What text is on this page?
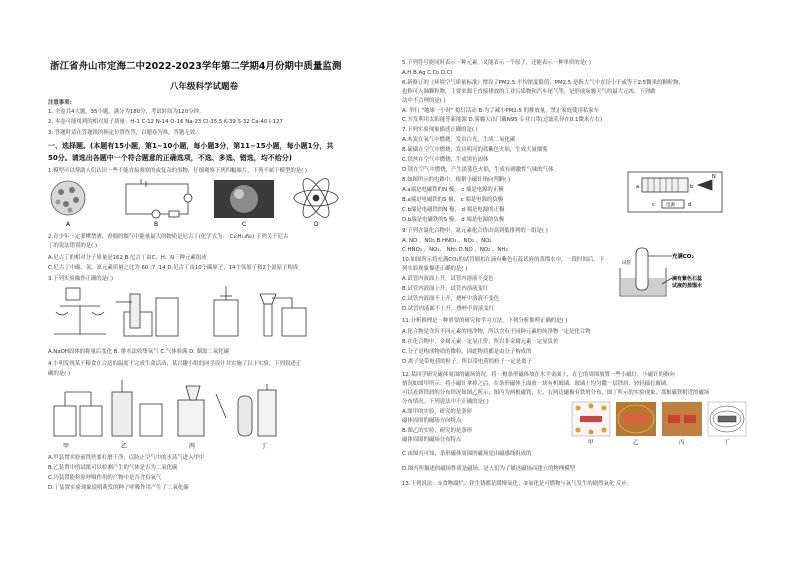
浙江省舟山市定海二中2022-2023学年第二学期4月份期中质量监测
八年级科学试题卷
注意事项:
1. 全卷共4大题，35小题，满分为180分，考试时间为120分钟。
2. 本卷可能用到的相对原子质量：H-1 C-12 N-14 O-16 Na-23 Cl-35.5 K-39 S-32 Ca-40 I-127
3. 答题时请在答题纸的指定位置作答，以题卷为准，答题无效。
一、选择题。(本题有15小题，第1~10小题，每小题3分，第11~15小题，每小题1分，共
50分。请选出各题中一个符合题意的正确选项，不选、多选、错选，均不给分)
1.模型可以帮助人们认识一些不能直接观察的或复杂的事物，仔细观察下列四幅图片，下列不属于模型的是( )
A	B	C	D
2.青少年一定要懂禁酒、香烟的烟气中能量最大的物质是尼古丁(化学式为： C₁₀H₁₄N₂) 下列关于尼古
丁的说法错误的是( )
A.尼古丁的相对分子质量是162 B.尼古丁由C、H、N三种元素组成
C.尼古丁中碳、氢、氮元素质量之比为 60 :7 :14 D.尼古丁由10个碳原子、14个氢原子和2个氮原子构成
3.下列实验操作正确的是( )
A.NaOH固体的称量后变化 B. 排水法收集氧气 C.气体验满 D. 制取二氧化碳
4.小明发现某干粮食在合适的温度下完成生命活动，某兴趣小组的同学设计并实施了以下实验，下列叙述正
确的是( )
甲	乙	丙	丁
A.甲装置实验前铁丝要打磨干净，以防止空气中的水蒸气进入甲中
B.乙装置中的试纸可以检测产生的气体是否为二氧化碳
C.丙装置能检验呼吸作用的产物中是否含有氧气
D.丁装置实验现象说明萌发的种子呼吸作用产生了二氧化碳
5.下列符号能同时表示一种元素，又能表示一个原子，还能表示一种单质的是( )
A.H B.Ag C.O₂ D.Cl
6.新修订的《环境空气质量标准》增设了PM2.5 平均浓度限值，PM2.5 是指大气中直径小于或等于2.5微米的颗粒物，
也称可入肺颗粒物，主要来源于直接排放的工业污染物和汽车尾气等，是形成灰霾天气的最大元凶。下列做
法中不合理的是( )
A. 举行 "地球一小时" 熄灯活动 B.为了减小PM2.5 的排放量，禁止家庭使用私家车
C.开发利用太阳能等新能源 D.雾霾天出门戴N95 专业口罩(过滤孔径在0.1微米左右)
7.下列实验现象描述正确的是( )
A.木炭在氧气中燃烧，发出白光，生成二氧化碳
B.硫磺在空气中燃烧，发出明亮的蓝紫色火焰，生成大量烟雾
C.铁丝在空气中燃烧，生成黑色固体
D.镁在空气中燃烧，产生淡蓝色火焰，生成有刺激性气味的气体
8.如图所示的电路中，根据小磁针指向判断( )
A.a端是电磁铁的N 极， c 端是电源的正极
B.a端是电磁铁的S 极， c 端是电源的负极
C.b端是电磁铁的N 极， d 端是电源的正极
D.b端是电磁铁的S 极， d 端是电源的负极
N
a	b
电源
c	d
9.下列含氮化合物中，氮元素化合价由高到低排列的一组是( )
A. NO 、NO₂ B.HNO₃ 、NO₂ 、NO₂
C.HNO₃ 、NO₂、 NH₃ D.NO 、NO₂ 、NH₃
10.如图所示将充满CO₂的试管倒扣在滴有紫色石蕊试液的蒸馏水中，一段时间后，下
列实验现象描述正确的是( )
A.试管内液面上升，试管内溶液不变色
B.试管内液面上升，试管内溶液变红
C.试管内液面不上升，烧杯中溶液不变色
D.试管内液面不上升，烧杯中溶液变红
充满CO₂
滴有紫色石蕊
试液的蒸馏水
试管
11.分析推理是一种重要的研究和学习方法，下列分析推理正确的是( )
A.化合物是含有不同元素的纯净物，所以含有不同种元素的纯净物一定是化合物
B.在化合物中，金属元素一定显正价，所以非金属元素一定显负价
C.分子是构成物质的微粒，因此物质都是由分子构成的
D.离子是带电荷的粒子，所以带电荷的粒子一定是离子
12.某同学研究磁体周围的磁场情况，将一根条形磁体放在水平桌面上，在它的周围放置一些小磁针，小磁针的指向
情况如图甲所示；将小磁针拿掉之后，在条形磁体上面放一块有机玻璃，玻璃上均匀撒一层铁屑，轻轻敲打玻璃，
可以看到铁屑的分布情况如图乙所示；图丙为两根磁铁，左、右两边磁极有铁屑分布，图丁所示的实验现象，那根磁铁附近的磁场
分布情况。下列说法中不正确的是( )
A.图甲的实验，研究的是条形
磁体周围的磁场方向特点
B.图乙的实验，研究的是条形
磁体周围的磁场分布特点	甲	乙	丙	丁
C 由图丙可知，条形磁体周围的磁场是由磁感线组成的
D.图丙所描述的磁场性质是磁场，是人们为了描述磁场而建立的物理模型
13.下列说法：①食物腐烂、锌生锈都是缓慢氧化；②氧化是可燃物与氧气发生的剧烈氧化 反应；
